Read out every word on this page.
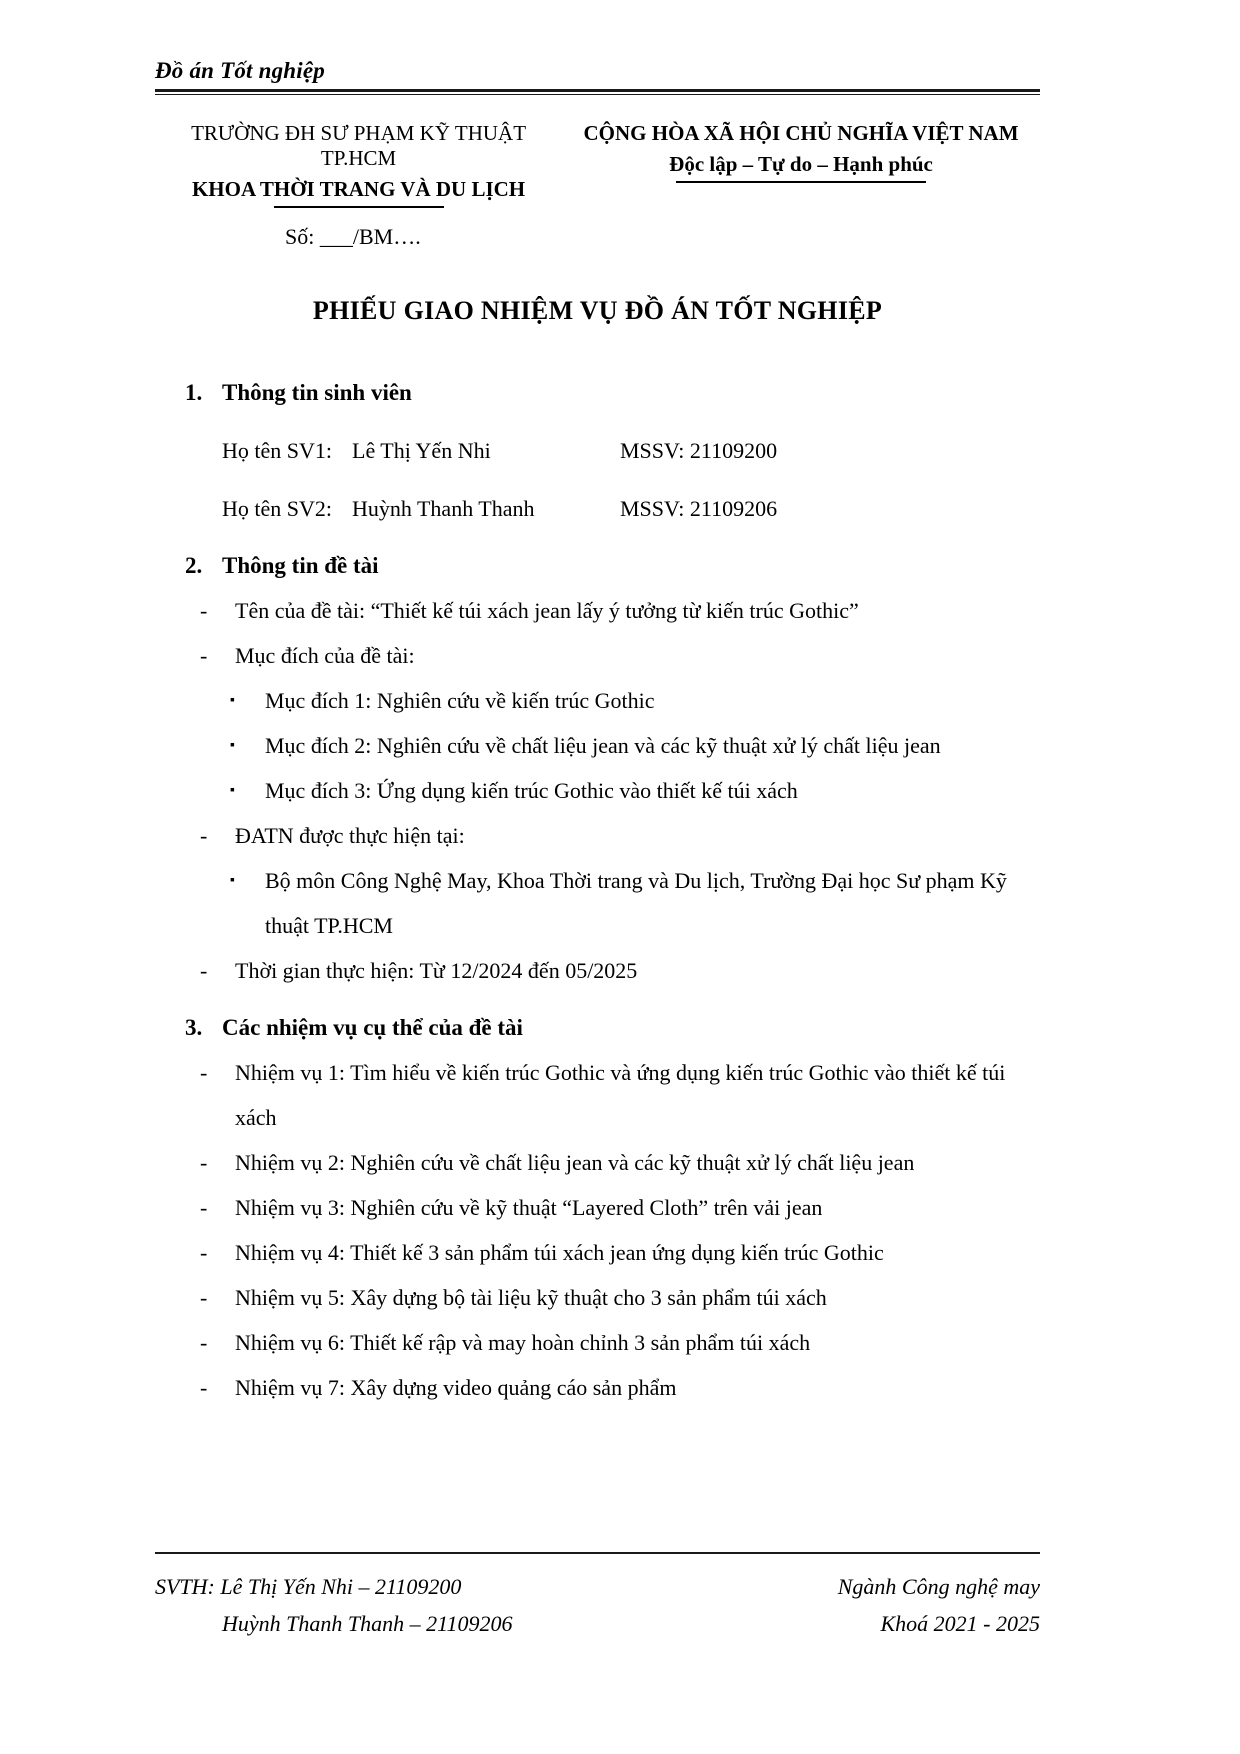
Đồ án Tốt nghiệp
TRƯỜNG ĐH SƯ PHẠM KỸ THUẬT TP.HCM
KHOA THỜI TRANG VÀ DU LỊCH
CỘNG HÒA XÃ HỘI CHỦ NGHĨA VIỆT NAM
Độc lập – Tự do – Hạnh phúc
Số: ___/BM….
PHIẾU GIAO NHIỆM VỤ ĐỒ ÁN TỐT NGHIỆP
1. Thông tin sinh viên
Họ tên SV1: Lê Thị Yến Nhi	MSSV: 21109200
Họ tên SV2: Huỳnh Thanh Thanh	MSSV: 21109206
2. Thông tin đề tài
-	Tên của đề tài: “Thiết kế túi xách jean lấy ý tưởng từ kiến trúc Gothic”
-	Mục đích của đề tài:
▪	Mục đích 1: Nghiên cứu về kiến trúc Gothic
▪	Mục đích 2: Nghiên cứu về chất liệu jean và các kỹ thuật xử lý chất liệu jean
▪	Mục đích 3: Ứng dụng kiến trúc Gothic vào thiết kế túi xách
-	ĐATN được thực hiện tại:
▪	Bộ môn Công Nghệ May, Khoa Thời trang và Du lịch, Trường Đại học Sư phạm Kỹ thuật TP.HCM
-	Thời gian thực hiện: Từ 12/2024 đến 05/2025
3. Các nhiệm vụ cụ thể của đề tài
-	Nhiệm vụ 1: Tìm hiểu về kiến trúc Gothic và ứng dụng kiến trúc Gothic vào thiết kế túi xách
-	Nhiệm vụ 2: Nghiên cứu về chất liệu jean và các kỹ thuật xử lý chất liệu jean
-	Nhiệm vụ 3: Nghiên cứu về kỹ thuật “Layered Cloth” trên vải jean
-	Nhiệm vụ 4: Thiết kế 3 sản phẩm túi xách jean ứng dụng kiến trúc Gothic
-	Nhiệm vụ 5: Xây dựng bộ tài liệu kỹ thuật cho 3 sản phẩm túi xách
-	Nhiệm vụ 6: Thiết kế rập và may hoàn chỉnh 3 sản phẩm túi xách
-	Nhiệm vụ 7: Xây dựng video quảng cáo sản phẩm
SVTH: Lê Thị Yến Nhi – 21109200
Huỳnh Thanh Thanh – 21109206
Ngành Công nghệ may
Khoá 2021 - 2025
